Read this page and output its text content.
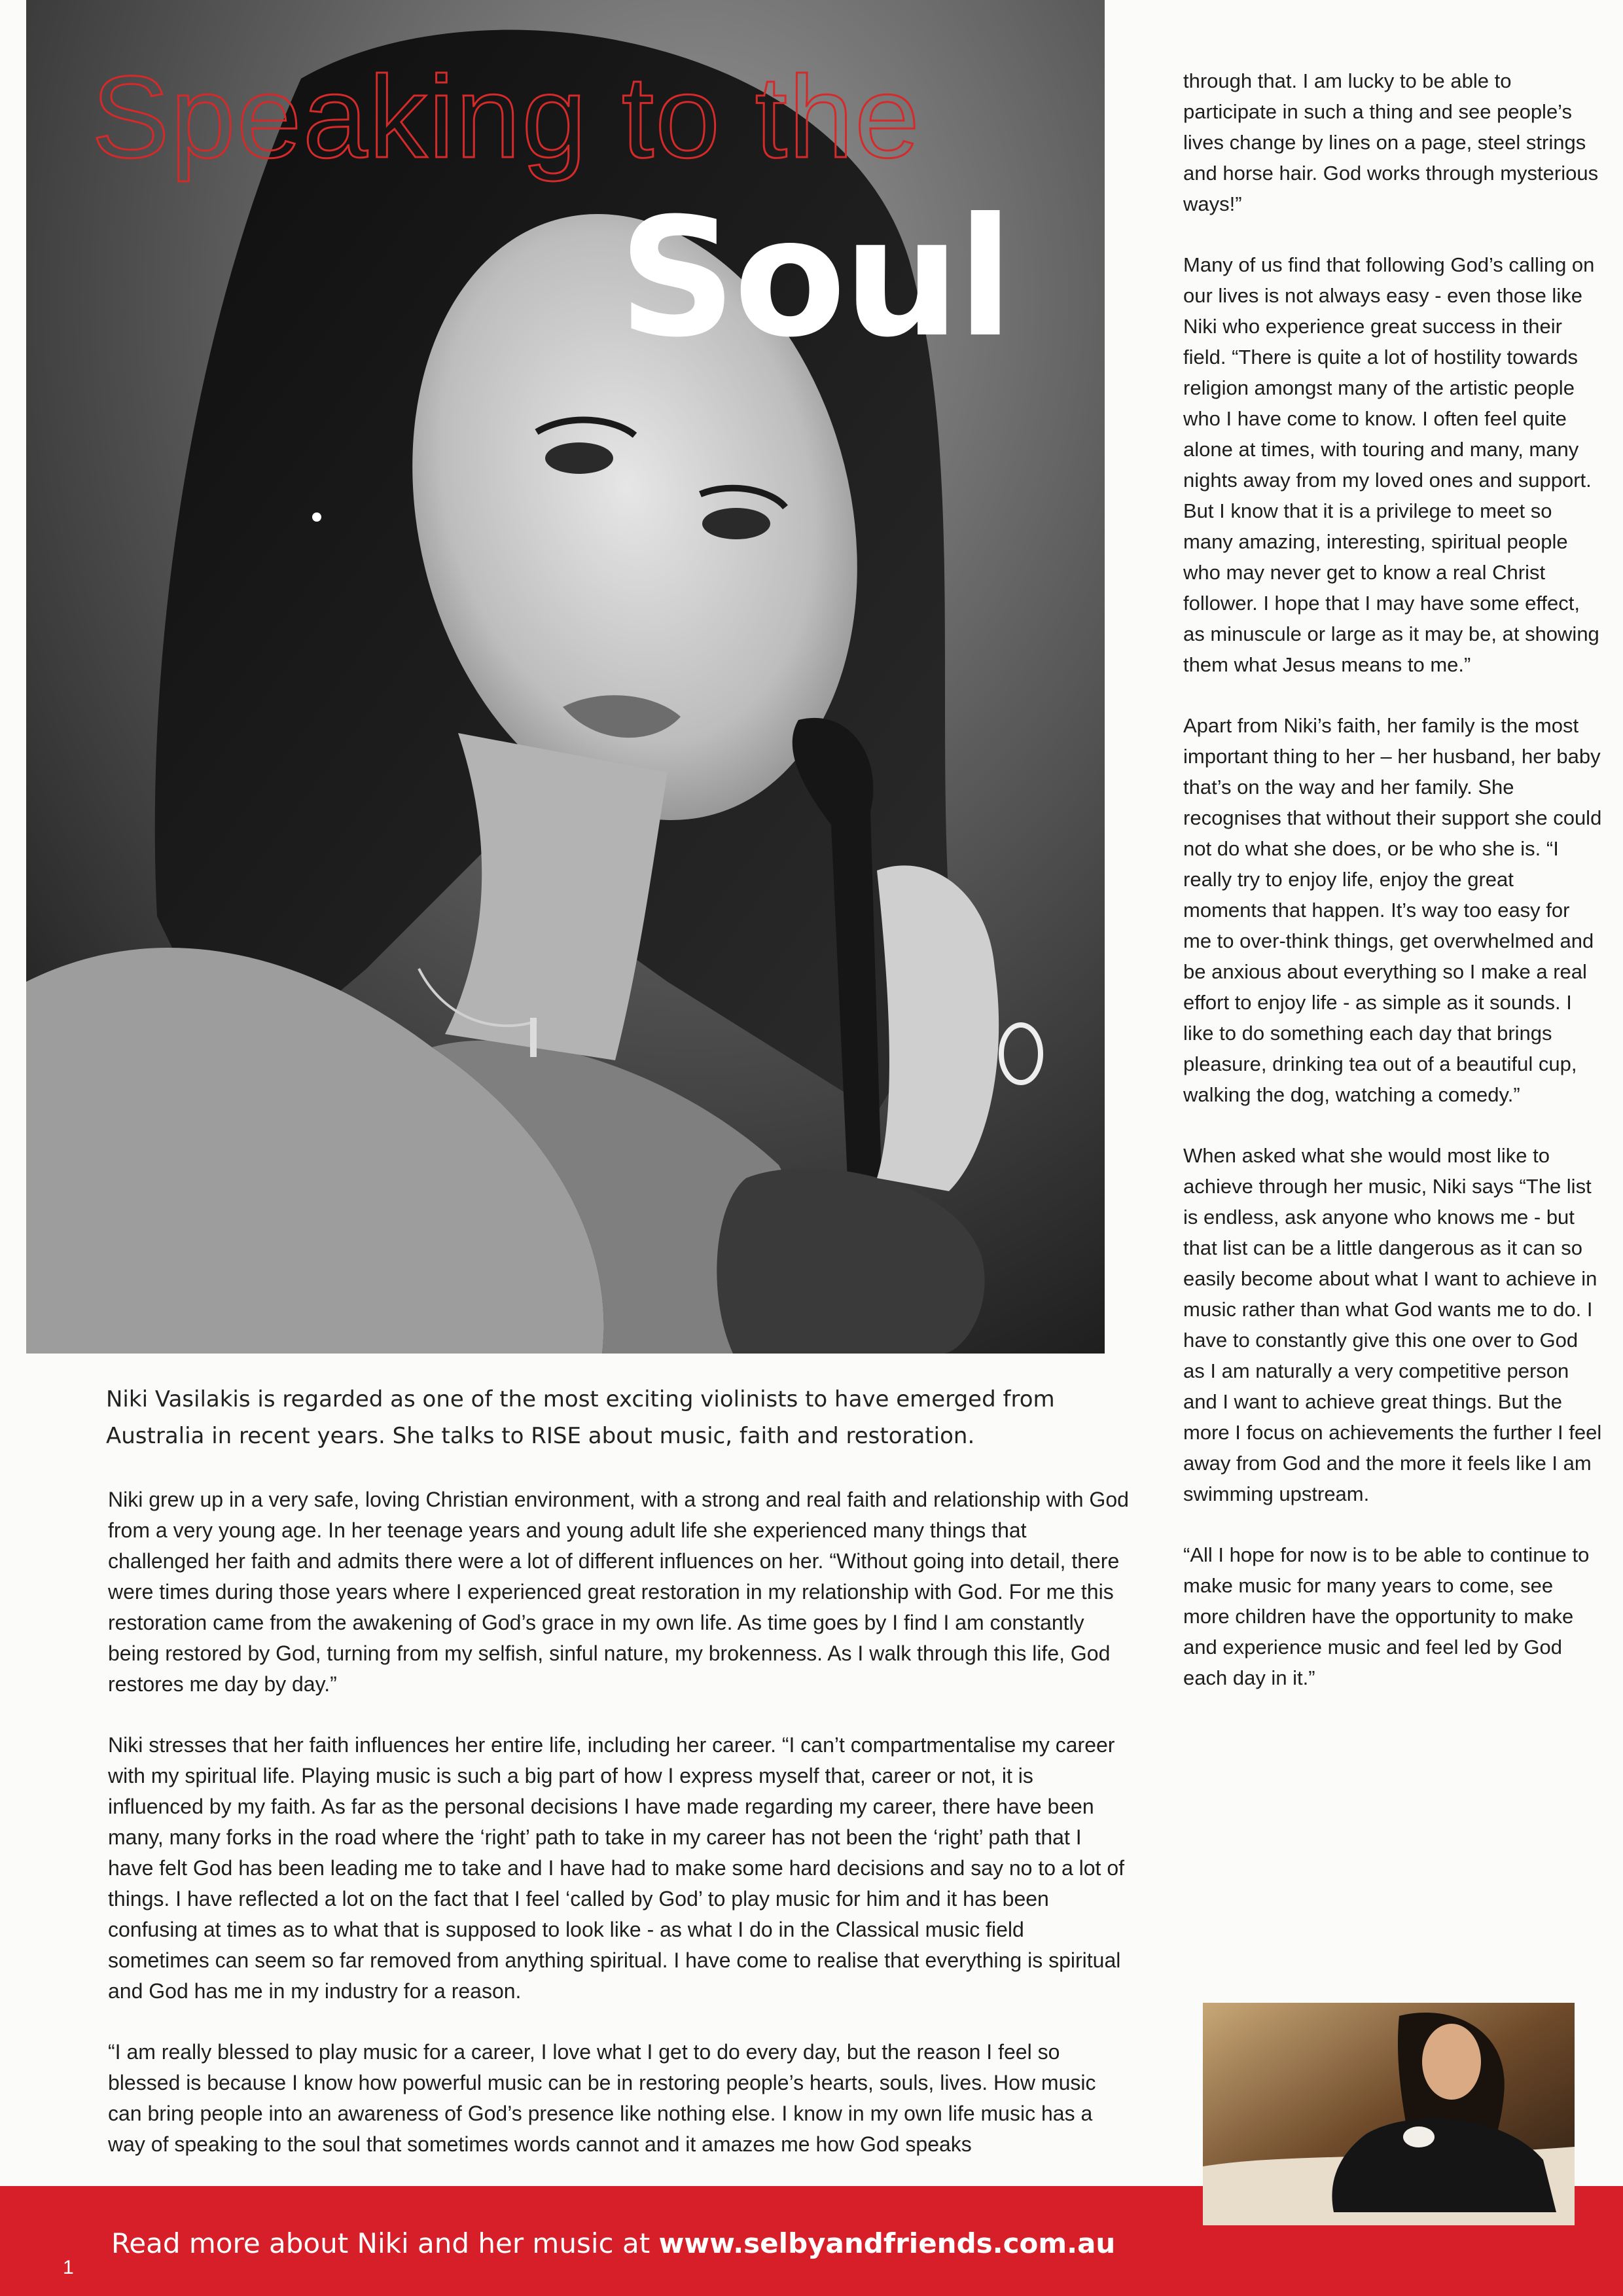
Speaking to the
Soul

through that. I am lucky to be able to participate in such a thing and see people’s lives change by lines on a page, steel strings and horse hair. God works through mysterious ways!”

Many of us find that following God’s calling on our lives is not always easy - even those like Niki who experience great success in their field. “There is quite a lot of hostility towards religion amongst many of the artistic people who I have come to know. I often feel quite alone at times, with touring and many, many nights away from my loved ones and support. But I know that it is a privilege to meet so many amazing, interesting, spiritual people who may never get to know a real Christ follower. I hope that I may have some effect, as minuscule or large as it may be, at showing them what Jesus means to me.”

Apart from Niki’s faith, her family is the most important thing to her – her husband, her baby that’s on the way and her family. She recognises that without their support she could not do what she does, or be who she is. “I really try to enjoy life, enjoy the great moments that happen. It’s way too easy for me to over-think things, get overwhelmed and be anxious about everything so I make a real effort to enjoy life - as simple as it sounds. I like to do something each day that brings pleasure, drinking tea out of a beautiful cup, walking the dog, watching a comedy.”

When asked what she would most like to achieve through her music, Niki says “The list is endless, ask anyone who knows me - but that list can be a little dangerous as it can so easily become about what I want to achieve in music rather than what God wants me to do. I have to constantly give this one over to God as I am naturally a very competitive person and I want to achieve great things. But the more I focus on achievements the further I feel away from God and the more it feels like I am swimming upstream.

“All I hope for now is to be able to continue to make music for many years to come, see more children have the opportunity to make and experience music and feel led by God each day in it.”

Niki Vasilakis is regarded as one of the most exciting violinists to have emerged from Australia in recent years. She talks to RISE about music, faith and restoration.

Niki grew up in a very safe, loving Christian environment, with a strong and real faith and relationship with God from a very young age. In her teenage years and young adult life she experienced many things that challenged her faith and admits there were a lot of different influences on her. “Without going into detail, there were times during those years where I experienced great restoration in my relationship with God. For me this restoration came from the awakening of God’s grace in my own life. As time goes by I find I am constantly being restored by God, turning from my selfish, sinful nature, my brokenness. As I walk through this life, God restores me day by day.”

Niki stresses that her faith influences her entire life, including her career. “I can’t compartmentalise my career with my spiritual life. Playing music is such a big part of how I express myself that, career or not, it is influenced by my faith. As far as the personal decisions I have made regarding my career, there have been many, many forks in the road where the ‘right’ path to take in my career has not been the ‘right’ path that I have felt God has been leading me to take and I have had to make some hard decisions and say no to a lot of things. I have reflected a lot on the fact that I feel ‘called by God’ to play music for him and it has been confusing at times as to what that is supposed to look like - as what I do in the Classical music field sometimes can seem so far removed from anything spiritual. I have come to realise that everything is spiritual and God has me in my industry for a reason.

“I am really blessed to play music for a career, I love what I get to do every day, but the reason I feel so blessed is because I know how powerful music can be in restoring people’s hearts, souls, lives. How music can bring people into an awareness of God’s presence like nothing else. I know in my own life music has a way of speaking to the soul that sometimes words cannot and it amazes me how God speaks

Read more about Niki and her music at www.selbyandfriends.com.au

1
